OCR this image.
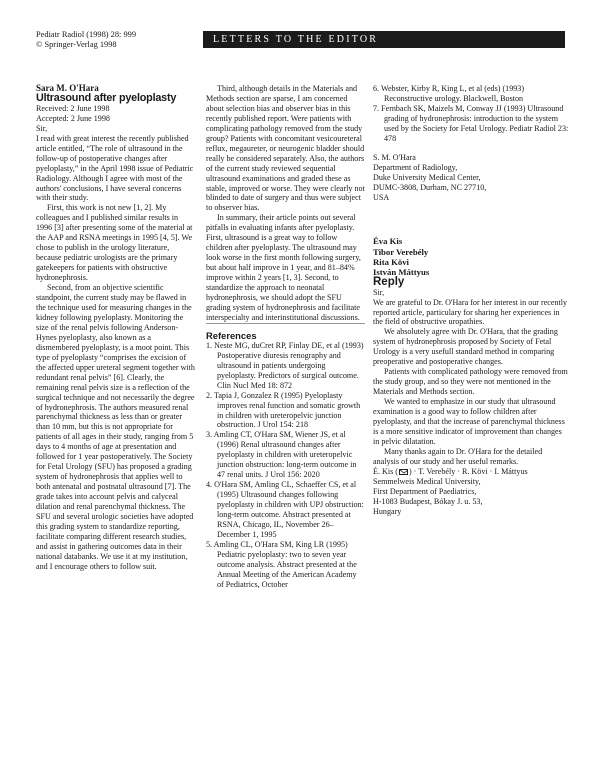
Pediatr Radiol (1998) 28: 999
© Springer-Verlag 1998	LETTERS TO THE EDITOR

Sara M. O'Hara

Ultrasound after pyeloplasty

Received: 2 June 1998

Accepted: 2 June 1998

Sir,

I read with great interest the recently published article entitled, “The role of ultrasound in the follow-up of postoperative changes after pyeloplasty,” in the April 1998 issue of Pediatric Radiology. Although I agree with most of the authors' conclusions, I have several concerns with their study.

First, this work is not new [1, 2]. My colleagues and I published similar results in 1996 [3] after presenting some of the material at the AAP and RSNA meetings in 1995 [4, 5]. We chose to publish in the urology literature, because pediatric urologists are the primary gatekeepers for patients with obstructive hydronephrosis.

Second, from an objective scientific standpoint, the current study may be flawed in the technique used for measuring changes in the kidney following pyeloplasty. Monitoring the size of the renal pelvis following Anderson-Hynes pyeloplasty, also known as a dismembered pyeloplasty, is a moot point. This type of pyeloplasty “comprises the excision of the affected upper ureteral segment together with redundant renal pelvis” [6]. Clearly, the remaining renal pelvis size is a reflection of the surgical technique and not necessarily the degree of hydronephrosis. The authors measured renal parenchymal thickness as less than or greater than 10 mm, but this is not appropriate for patients of all ages in their study, ranging from 5 days to 4 months of age at presentation and followed for 1 year postoperatively. The Society for Fetal Urology (SFU) has proposed a grading system of hydronephrosis that applies well to both antenatal and postnatal ultrasound [7]. The grade takes into account pelvis and calyceal dilation and renal parenchymal thickness. The SFU and several urologic societies have adopted this grading system to standardize reporting, facilitate comparing different research studies, and assist in gathering outcomes data in their national databanks. We use it at my institution, and I encourage others to follow suit.

Third, although details in the Materials and Methods section are sparse, I am concerned about selection bias and observer bias in this recently published report. Were patients with complicating pathology removed from the study group? Patients with concomitant vesicoureteral reflux, megaureter, or neurogenic bladder should really be considered separately. Also, the authors of the current study reviewed sequential ultrasound examinations and graded these as stable, improved or worse. They were clearly not blinded to date of surgery and thus were subject to observer bias.

In summary, their article points out several pitfalls in evaluating infants after pyeloplasty. First, ultrasound is a great way to follow children after pyeloplasty. The ultrasound may look worse in the first month following surgery, but about half improve in 1 year, and 81–84% improve within 2 years [1, 3]. Second, to standardize the approach to neonatal hydronephrosis, we should adopt the SFU grading system of hydronephrosis and facilitate interspecialty and interinstitutional discussions.

References

1. Neste MG, duCret RP, Finlay DE, et al (1993) Postoperative diuresis renography and ultrasound in patients undergoing pyeloplasty. Predictors of surgical outcome. Clin Nucl Med 18: 872

2. Tapia J, Gonzalez R (1995) Pyeloplasty improves renal function and somatic growth in children with ureteropelvic junction obstruction. J Urol 154: 218

3. Amling CT, O'Hara SM, Wiener JS, et al (1996) Renal ultrasound changes after pyeloplasty in children with ureteropelvic junction obstruction: long-term outcome in 47 renal units. J Urol 156: 2020

4. O'Hara SM, Amling CL, Schaeffer CS, et al (1995) Ultrasound changes following pyeloplasty in children with UPJ obstruction: long-term outcome. Abstract presented at RSNA, Chicago, IL, November 26–December 1, 1995

5. Amling CL, O'Hara SM, King LR (1995) Pediatric pyeloplasty: two to seven year outcome analysis. Abstract presented at the Annual Meeting of the American Academy of Pediatrics, October

6. Webster, Kirby R, King L, et al (eds) (1993) Reconstructive urology. Blackwell, Boston

7. Fernbach SK, Maizels M, Conway JJ (1993) Ultrasound grading of hydronephrosis: introduction to the system used by the Society for Fetal Urology. Pediatr Radiol 23: 478

S. M. O'Hara

Department of Radiology,

Duke University Medical Center,

DUMC-3808, Durham, NC 27710,

USA

Éva Kis

Tibor Verebély

Rita Kövi

István Máttyus

Reply

Sir,

We are grateful to Dr. O'Hara for her interest in our recently reported article, particulary for sharing her experiences in the field of obstructive uropathies.

We absolutely agree with Dr. O'Hara, that the grading system of hydronephrosis proposed by Society of Fetal Urology is a very usefull standard method in comparing preoperative and postoperative changes.

Patients with complicated pathology were removed from the study group, and so they were not mentioned in the Materials and Methods section.

We wanted to emphasize in our study that ultrasound examination is a good way to follow children after pyeloplasty, and that the increase of parenchymal thickness is a more sensitive indicator of improvement than changes in pelvic dilatation.

Many thanks again to Dr. O'Hara for the detailed analysis of our study and her useful remarks.

É. Kis ( ) · T. Verebély · R. Kövi · I. Máttyus

Semmelweis Medical University,

First Department of Paediatrics,

H-1083 Budapest, Bókay J. u. 53,

Hungary
